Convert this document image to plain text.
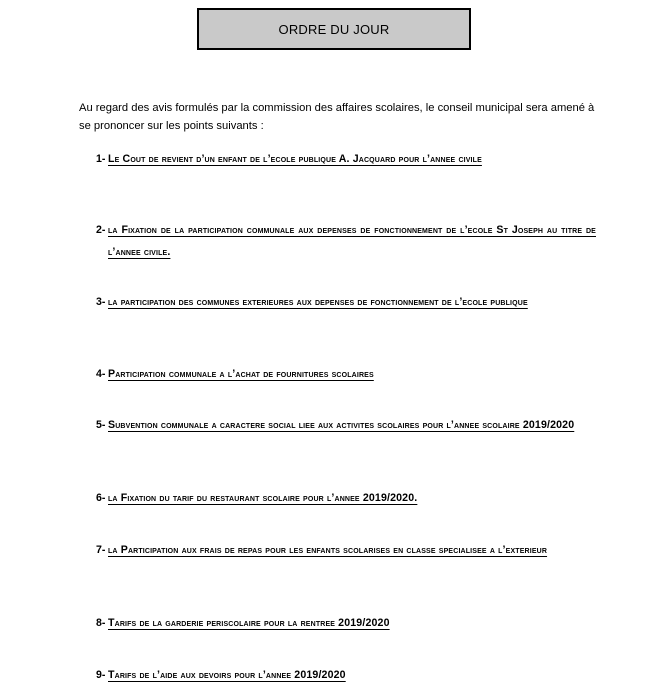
ORDRE DU JOUR
Au regard des avis formulés par la commission des affaires scolaires, le conseil municipal sera amené à se prononcer sur les points suivants :
1- Le Cout de revient d’un enfant de l’ecole publique A. Jacquard pour l’annee civile
2- la Fixation de la participation communale aux depenses de fonctionnement de l’ecole St Joseph au titre de l’annee civile.
3- la participation des communes exterieures aux depenses de fonctionnement de l’ecole publique
4- Participation communale a l’achat de fournitures scolaires
5- Subvention communale a caractere social liee aux activites scolaires pour l’annee scolaire 2019/2020
6- la Fixation du tarif du restaurant scolaire pour l’annee 2019/2020.
7- la Participation aux frais de repas pour les enfants scolarises en classe specialisee a l’exterieur
8- Tarifs de la garderie periscolaire pour la rentree 2019/2020
9- Tarifs de l’aide aux devoirs pour l’annee 2019/2020
